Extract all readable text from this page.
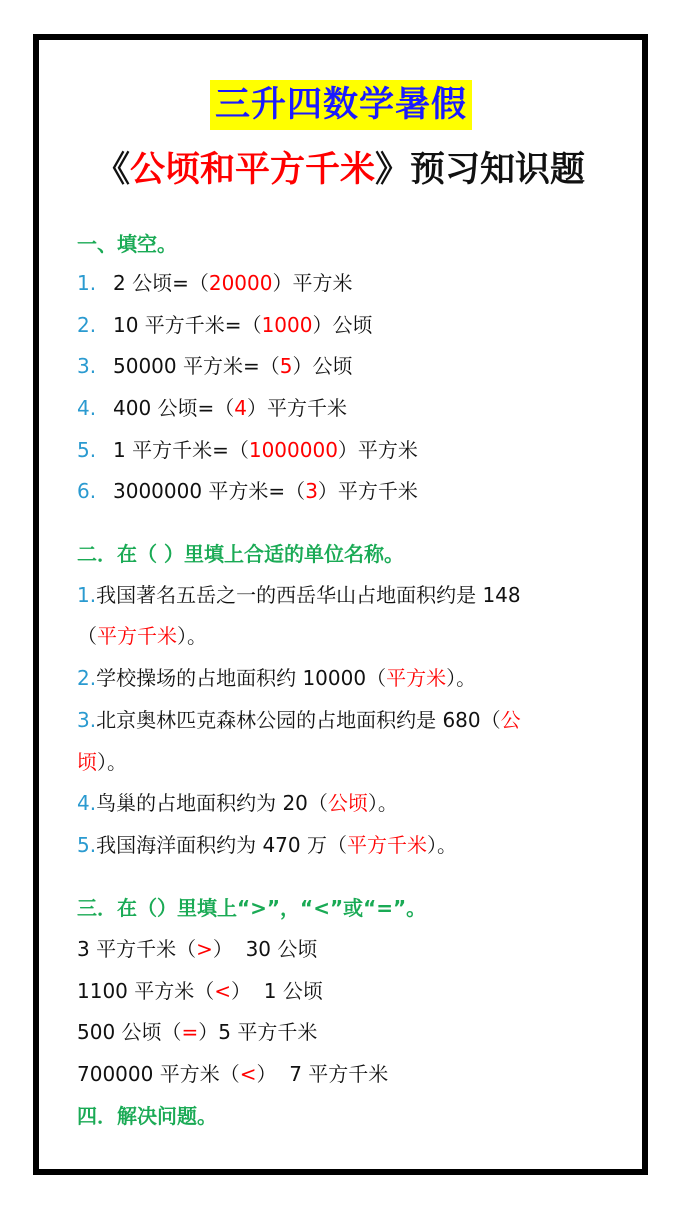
三升四数学暑假
《公顷和平方千米》预习知识题
一、填空。
1. 2 公顷=（20000）平方米
2. 10 平方千米=（1000）公顷
3. 50000 平方米=（5）公顷
4. 400 公顷=（4）平方千米
5. 1 平方千米=（1000000）平方米
6. 3000000 平方米=（3）平方千米
二．在（ ）里填上合适的单位名称。
1.我国著名五岳之一的西岳华山占地面积约是 148
（平方千米）。
2.学校操场的占地面积约 10000（平方米）。
3.北京奥林匹克森林公园的占地面积约是 680（公
顷）。
4.鸟巢的占地面积约为 20（公顷）。
5.我国海洋面积约为 470 万（平方千米）。
三．在（）里填上“>”，“<”或“=”。
3 平方千米（>）  30 公顷
1100 平方米（<）  1 公顷
500 公顷（=）5 平方千米
700000 平方米（<）  7 平方千米
四．解决问题。
